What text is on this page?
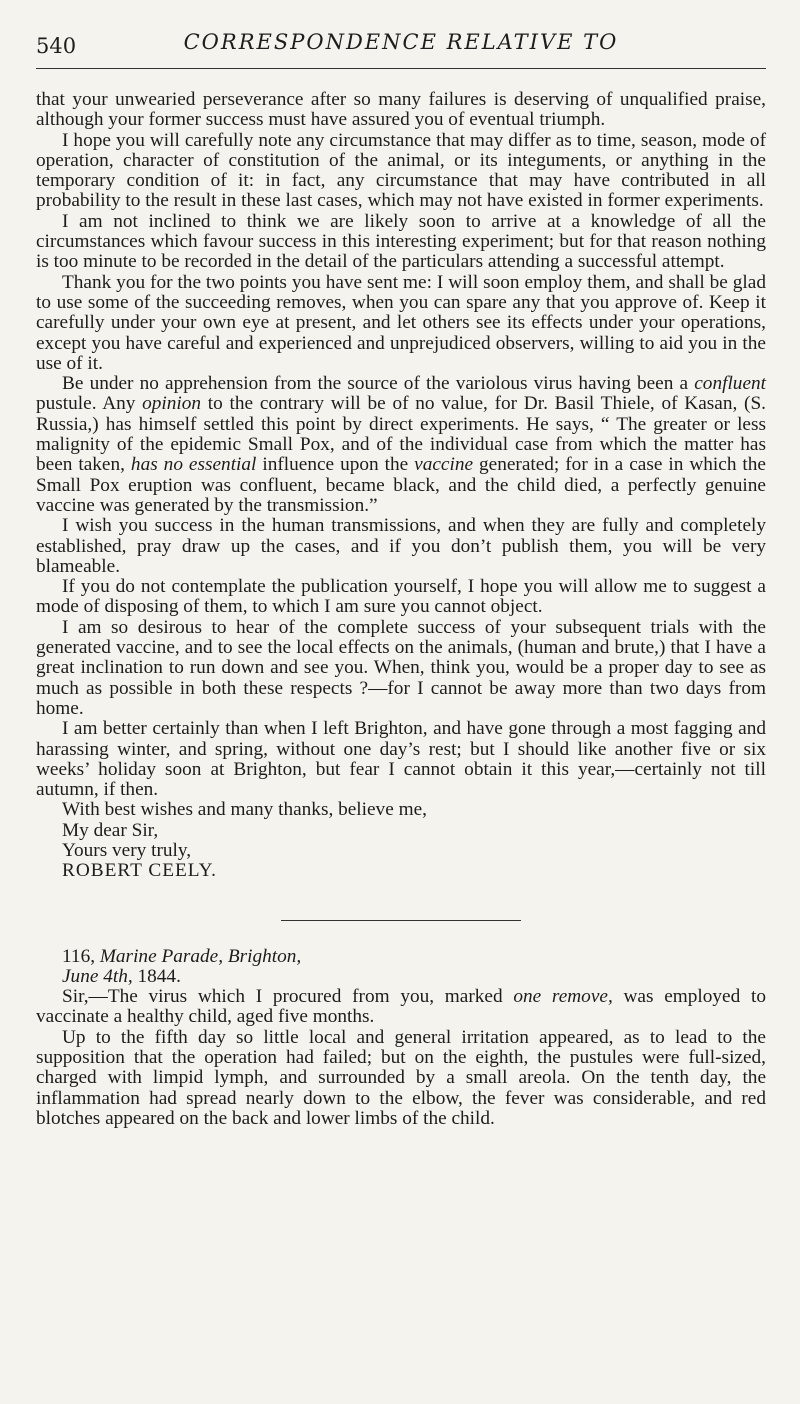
540	CORRESPONDENCE RELATIVE TO

that your unwearied perseverance after so many failures is deserving of unqualified praise, although your former success must have assured you of eventual triumph.

I hope you will carefully note any circumstance that may differ as to time, season, mode of operation, character of constitution of the animal, or its integuments, or anything in the temporary condition of it: in fact, any circumstance that may have contributed in all probability to the result in these last cases, which may not have existed in former experiments.

I am not inclined to think we are likely soon to arrive at a knowledge of all the circumstances which favour success in this interesting experiment; but for that reason nothing is too minute to be recorded in the detail of the particulars attending a successful attempt.

Thank you for the two points you have sent me: I will soon employ them, and shall be glad to use some of the succeeding removes, when you can spare any that you approve of. Keep it carefully under your own eye at present, and let others see its effects under your operations, except you have careful and experienced and unprejudiced observers, willing to aid you in the use of it.

Be under no apprehension from the source of the variolous virus having been a confluent pustule. Any opinion to the contrary will be of no value, for Dr. Basil Thiele, of Kasan, (S. Russia,) has himself settled this point by direct experiments. He says, “ The greater or less malignity of the epidemic Small Pox, and of the individual case from which the matter has been taken, has no essential influence upon the vaccine generated; for in a case in which the Small Pox eruption was confluent, became black, and the child died, a perfectly genuine vaccine was generated by the transmission.”

I wish you success in the human transmissions, and when they are fully and completely established, pray draw up the cases, and if you don’t publish them, you will be very blameable.

If you do not contemplate the publication yourself, I hope you will allow me to suggest a mode of disposing of them, to which I am sure you cannot object.

I am so desirous to hear of the complete success of your subsequent trials with the generated vaccine, and to see the local effects on the animals, (human and brute,) that I have a great inclination to run down and see you. When, think you, would be a proper day to see as much as possible in both these respects ?—for I cannot be away more than two days from home.

I am better certainly than when I left Brighton, and have gone through a most fagging and harassing winter, and spring, without one day’s rest; but I should like another five or six weeks’ holiday soon at Brighton, but fear I cannot obtain it this year,—certainly not till autumn, if then.

With best wishes and many thanks, believe me,

My dear Sir,

Yours very truly,

ROBERT CEELY.

116, Marine Parade, Brighton,

June 4th, 1844.

Sir,—The virus which I procured from you, marked one remove, was employed to vaccinate a healthy child, aged five months.

Up to the fifth day so little local and general irritation appeared, as to lead to the supposition that the operation had failed; but on the eighth, the pustules were full-sized, charged with limpid lymph, and surrounded by a small areola. On the tenth day, the inflammation had spread nearly down to the elbow, the fever was considerable, and red blotches appeared on the back and lower limbs of the child.
